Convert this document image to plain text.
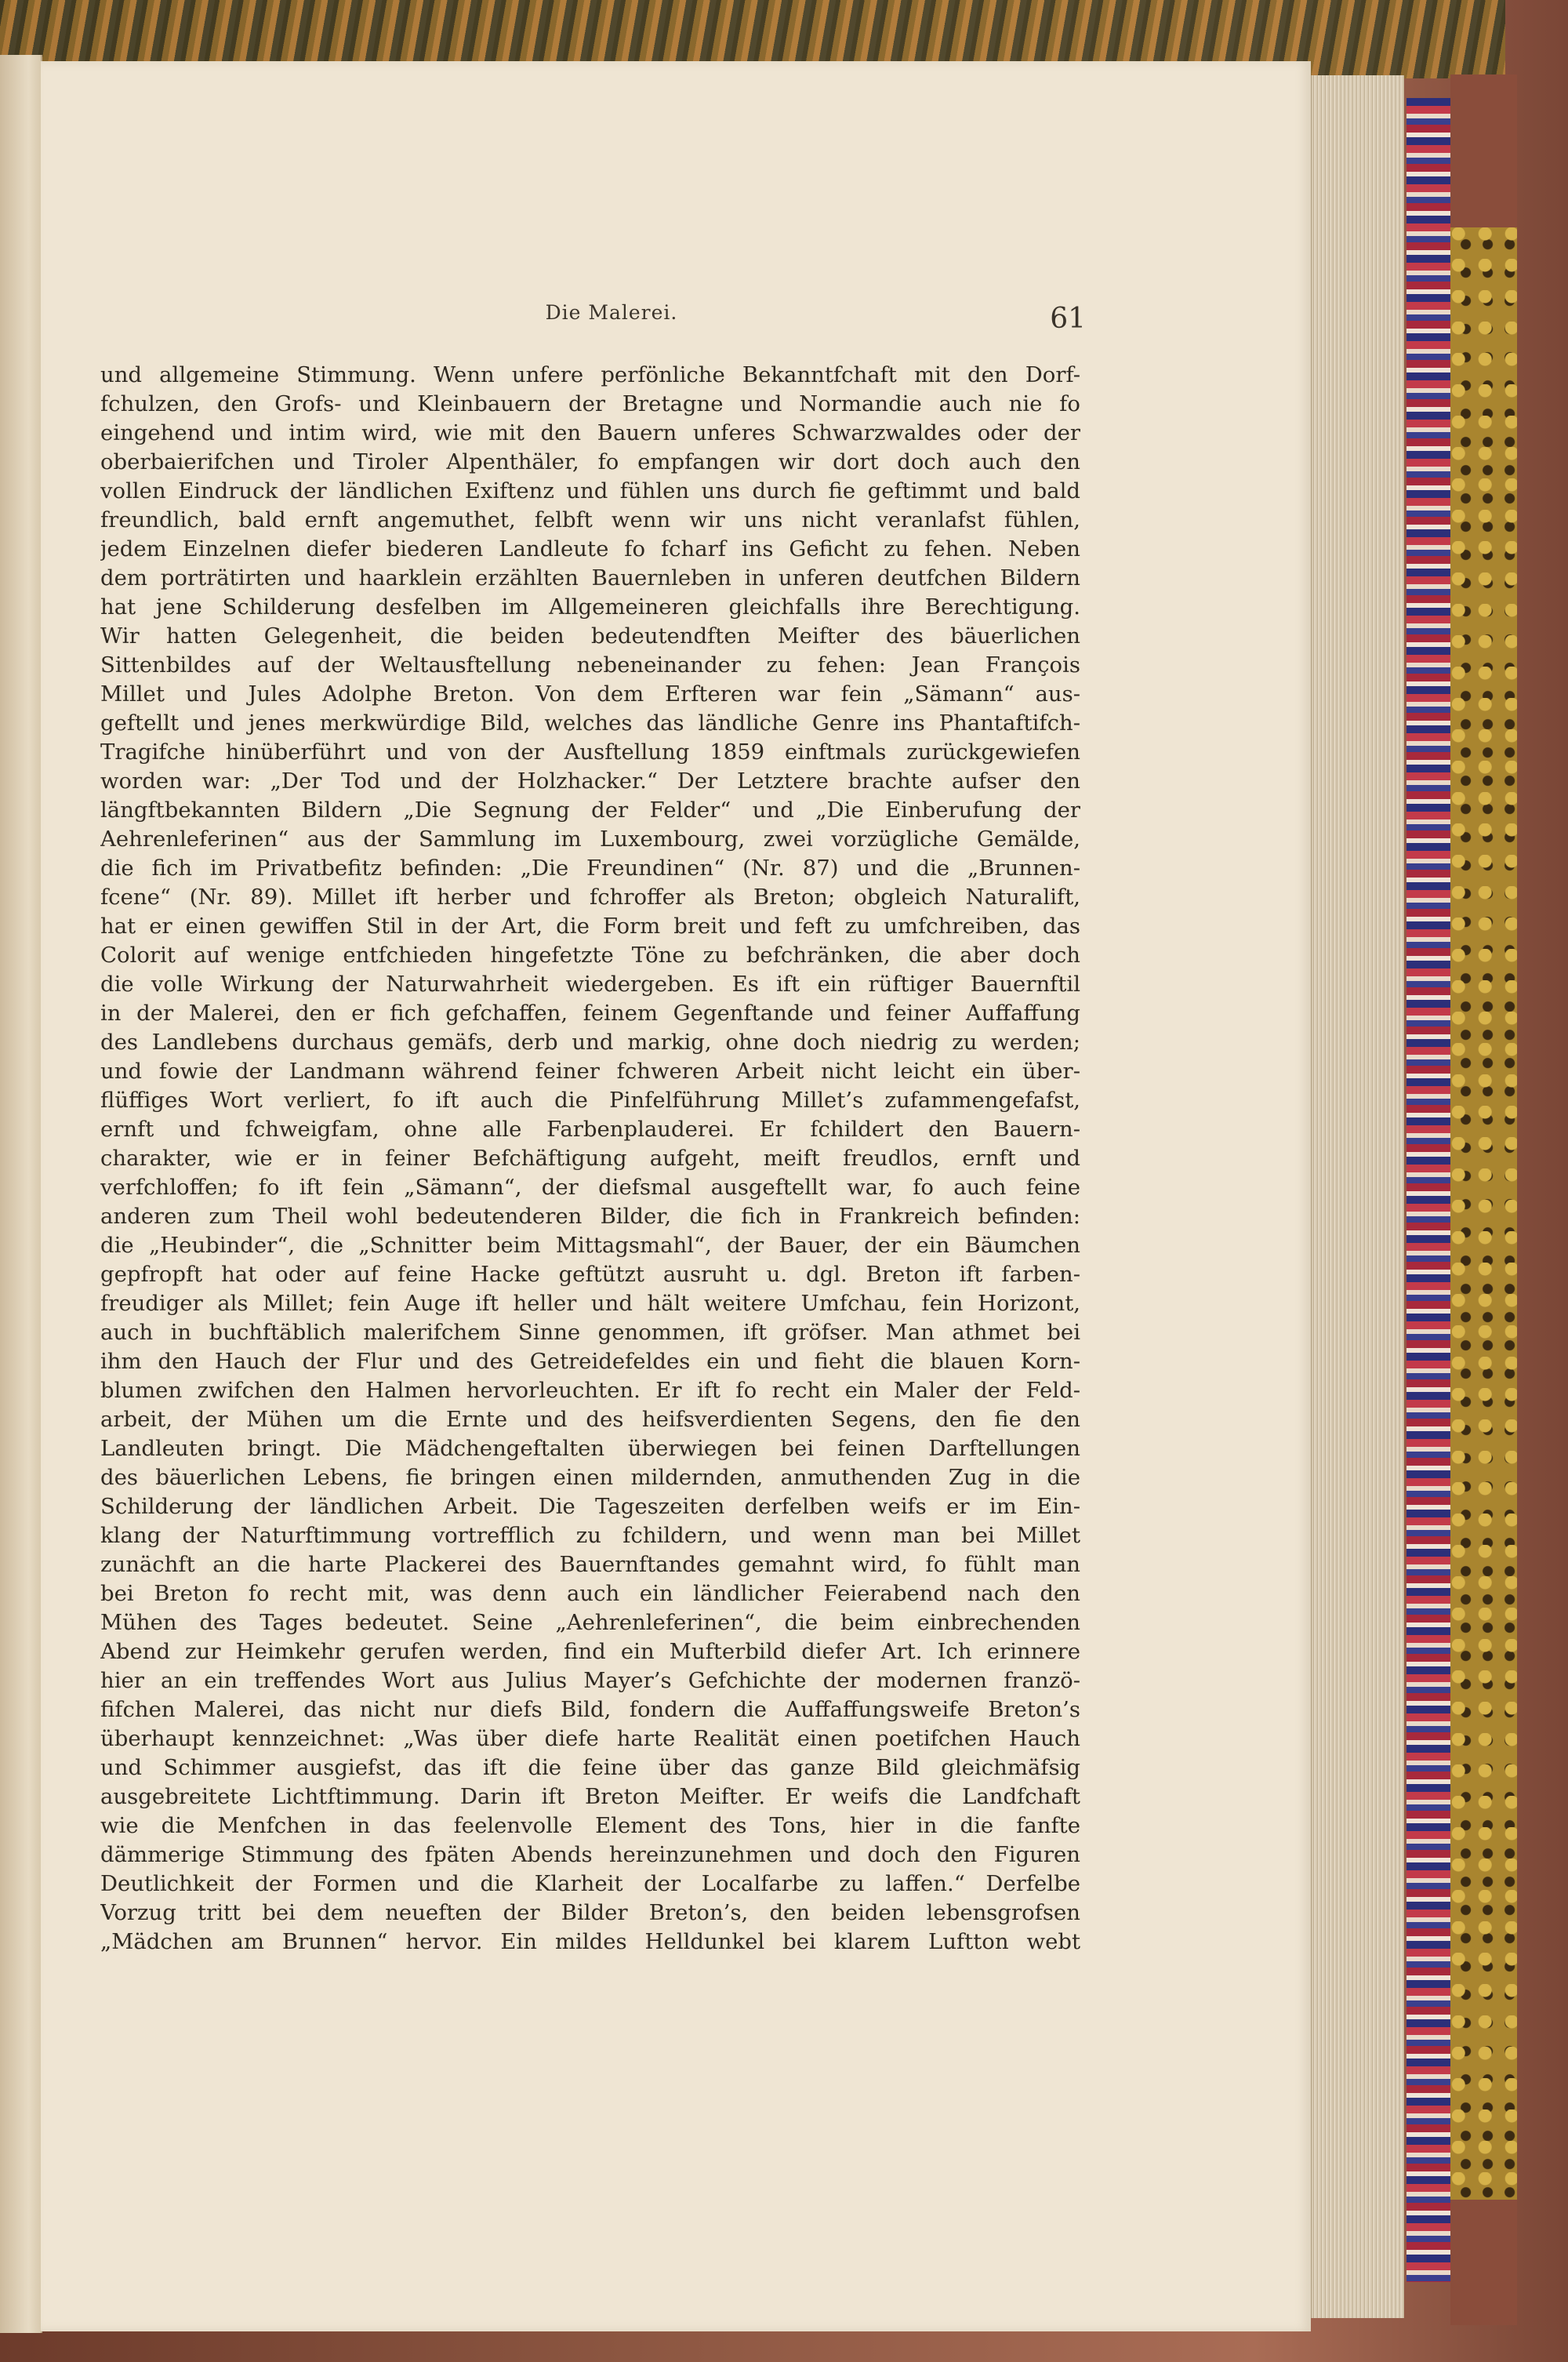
Die Malerei.	61
und allgemeine Stimmung. Wenn unfere perfönliche Bekanntfchaft mit den Dorf-
fchulzen, den Grofs- und Kleinbauern der Bretagne und Normandie auch nie fo
eingehend und intim wird, wie mit den Bauern unferes Schwarzwaldes oder der
oberbaierifchen und Tiroler Alpenthäler, fo empfangen wir dort doch auch den
vollen Eindruck der ländlichen Exiftenz und fühlen uns durch fie geftimmt und bald
freundlich, bald ernft angemuthet, felbft wenn wir uns nicht veranlafst fühlen,
jedem Einzelnen diefer biederen Landleute fo fcharf ins Geficht zu fehen. Neben
dem porträtirten und haarklein erzählten Bauernleben in unferen deutfchen Bildern
hat jene Schilderung desfelben im Allgemeineren gleichfalls ihre Berechtigung.
Wir hatten Gelegenheit, die beiden bedeutendften Meifter des bäuerlichen
Sittenbildes auf der Weltausftellung nebeneinander zu fehen: Jean François
Millet und Jules Adolphe Breton. Von dem Erfteren war fein „Sämann“ aus-
geftellt und jenes merkwürdige Bild, welches das ländliche Genre ins Phantaftifch-
Tragifche hinüberführt und von der Ausftellung 1859 einftmals zurückgewiefen
worden war: „Der Tod und der Holzhacker.“ Der Letztere brachte aufser den
längftbekannten Bildern „Die Segnung der Felder“ und „Die Einberufung der
Aehrenleferinen“ aus der Sammlung im Luxembourg, zwei vorzügliche Gemälde,
die fich im Privatbefitz befinden: „Die Freundinen“ (Nr. 87) und die „Brunnen-
fcene“ (Nr. 89). Millet ift herber und fchroffer als Breton; obgleich Naturalift,
hat er einen gewiffen Stil in der Art, die Form breit und feft zu umfchreiben, das
Colorit auf wenige entfchieden hingefetzte Töne zu befchränken, die aber doch
die volle Wirkung der Naturwahrheit wiedergeben. Es ift ein rüftiger Bauernftil
in der Malerei, den er fich gefchaffen, feinem Gegenftande und feiner Auffaffung
des Landlebens durchaus gemäfs, derb und markig, ohne doch niedrig zu werden;
und fowie der Landmann während feiner fchweren Arbeit nicht leicht ein über-
flüffiges Wort verliert, fo ift auch die Pinfelführung Millet’s zufammengefafst,
ernft und fchweigfam, ohne alle Farbenplauderei. Er fchildert den Bauern-
charakter, wie er in feiner Befchäftigung aufgeht, meift freudlos, ernft und
verfchloffen; fo ift fein „Sämann“, der diefsmal ausgeftellt war, fo auch feine
anderen zum Theil wohl bedeutenderen Bilder, die fich in Frankreich befinden:
die „Heubinder“, die „Schnitter beim Mittagsmahl“, der Bauer, der ein Bäumchen
gepfropft hat oder auf feine Hacke geftützt ausruht u. dgl. Breton ift farben-
freudiger als Millet; fein Auge ift heller und hält weitere Umfchau, fein Horizont,
auch in buchftäblich malerifchem Sinne genommen, ift gröfser. Man athmet bei
ihm den Hauch der Flur und des Getreidefeldes ein und fieht die blauen Korn-
blumen zwifchen den Halmen hervorleuchten. Er ift fo recht ein Maler der Feld-
arbeit, der Mühen um die Ernte und des heifsverdienten Segens, den fie den
Landleuten bringt. Die Mädchengeftalten überwiegen bei feinen Darftellungen
des bäuerlichen Lebens, fie bringen einen mildernden, anmuthenden Zug in die
Schilderung der ländlichen Arbeit. Die Tageszeiten derfelben weifs er im Ein-
klang der Naturftimmung vortrefflich zu fchildern, und wenn man bei Millet
zunächft an die harte Plackerei des Bauernftandes gemahnt wird, fo fühlt man
bei Breton fo recht mit, was denn auch ein ländlicher Feierabend nach den
Mühen des Tages bedeutet. Seine „Aehrenleferinen“, die beim einbrechenden
Abend zur Heimkehr gerufen werden, find ein Mufterbild diefer Art. Ich erinnere
hier an ein treffendes Wort aus Julius Mayer’s Gefchichte der modernen franzö-
fifchen Malerei, das nicht nur diefs Bild, fondern die Auffaffungsweife Breton’s
überhaupt kennzeichnet: „Was über diefe harte Realität einen poetifchen Hauch
und Schimmer ausgiefst, das ift die feine über das ganze Bild gleichmäfsig
ausgebreitete Lichtftimmung. Darin ift Breton Meifter. Er weifs die Landfchaft
wie die Menfchen in das feelenvolle Element des Tons, hier in die fanfte
dämmerige Stimmung des fpäten Abends hereinzunehmen und doch den Figuren
Deutlichkeit der Formen und die Klarheit der Localfarbe zu laffen.“ Derfelbe
Vorzug tritt bei dem neueften der Bilder Breton’s, den beiden lebensgrofsen
„Mädchen am Brunnen“ hervor. Ein mildes Helldunkel bei klarem Luftton webt
